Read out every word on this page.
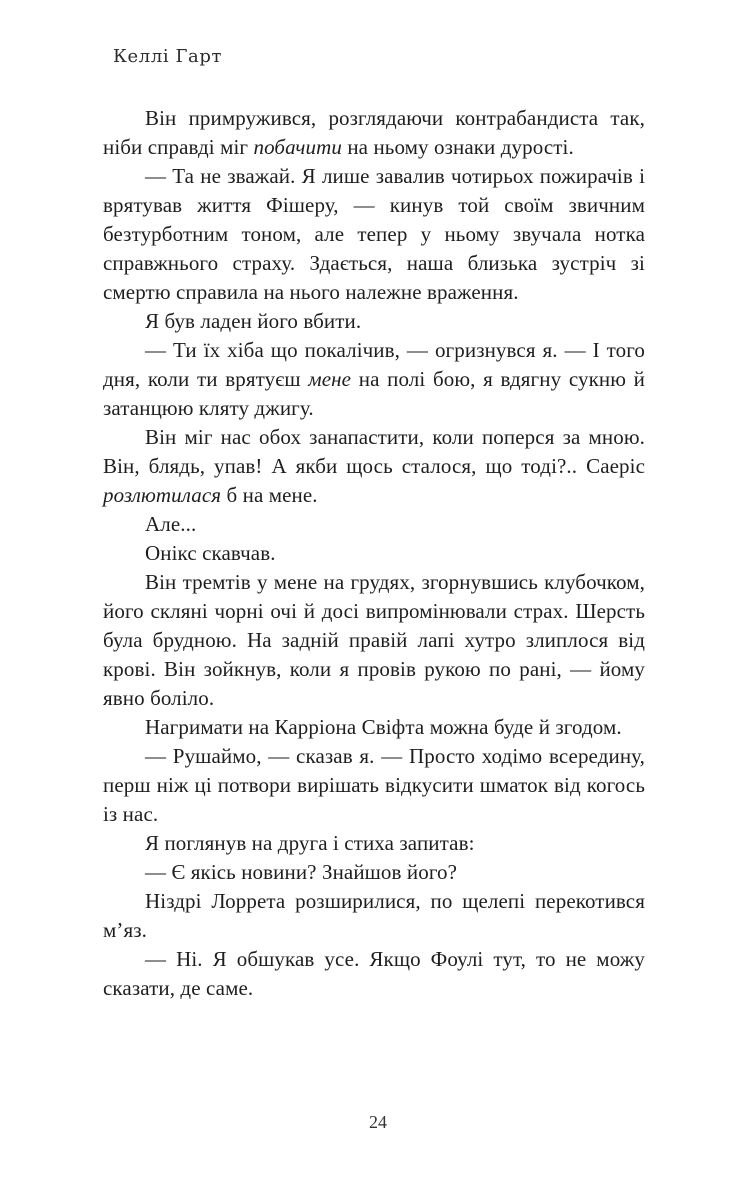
Келлі Гарт

Він примружився, розглядаючи контрабандиста так, ніби справді міг побачити на ньому ознаки дурості.

— Та не зважай. Я лише завалив чотирьох пожирачів і врятував життя Фішеру, — кинув той своїм звичним безтурботним тоном, але тепер у ньому звучала нотка справжнього страху. Здається, наша близька зустріч зі смертю справила на нього належне враження.

Я був ладен його вбити.

— Ти їх хіба що покалічив, — огризнувся я. — І того дня, коли ти врятуєш мене на полі бою, я вдягну сукню й затанцюю кляту джигу.

Він міг нас обох занапастити, коли поперся за мною. Він, блядь, упав! А якби щось сталося, що тоді?.. Саеріс розлютилася б на мене.

Але...

Онікс скавчав.

Він тремтів у мене на грудях, згорнувшись клубочком, його скляні чорні очі й досі випромінювали страх. Шерсть була брудною. На задній правій лапі хутро злиплося від крові. Він зойкнув, коли я провів рукою по рані, — йому явно боліло.

Нагримати на Карріона Свіфта можна буде й згодом.

— Рушаймо, — сказав я. — Просто ходімо всередину, перш ніж ці потвори вирішать відкусити шматок від когось із нас.

Я поглянув на друга і стиха запитав:

— Є якісь новини? Знайшов його?

Ніздрі Лоррета розширилися, по щелепі перекотився м’яз.

— Ні. Я обшукав усе. Якщо Фоулі тут, то не можу сказати, де саме.

24
